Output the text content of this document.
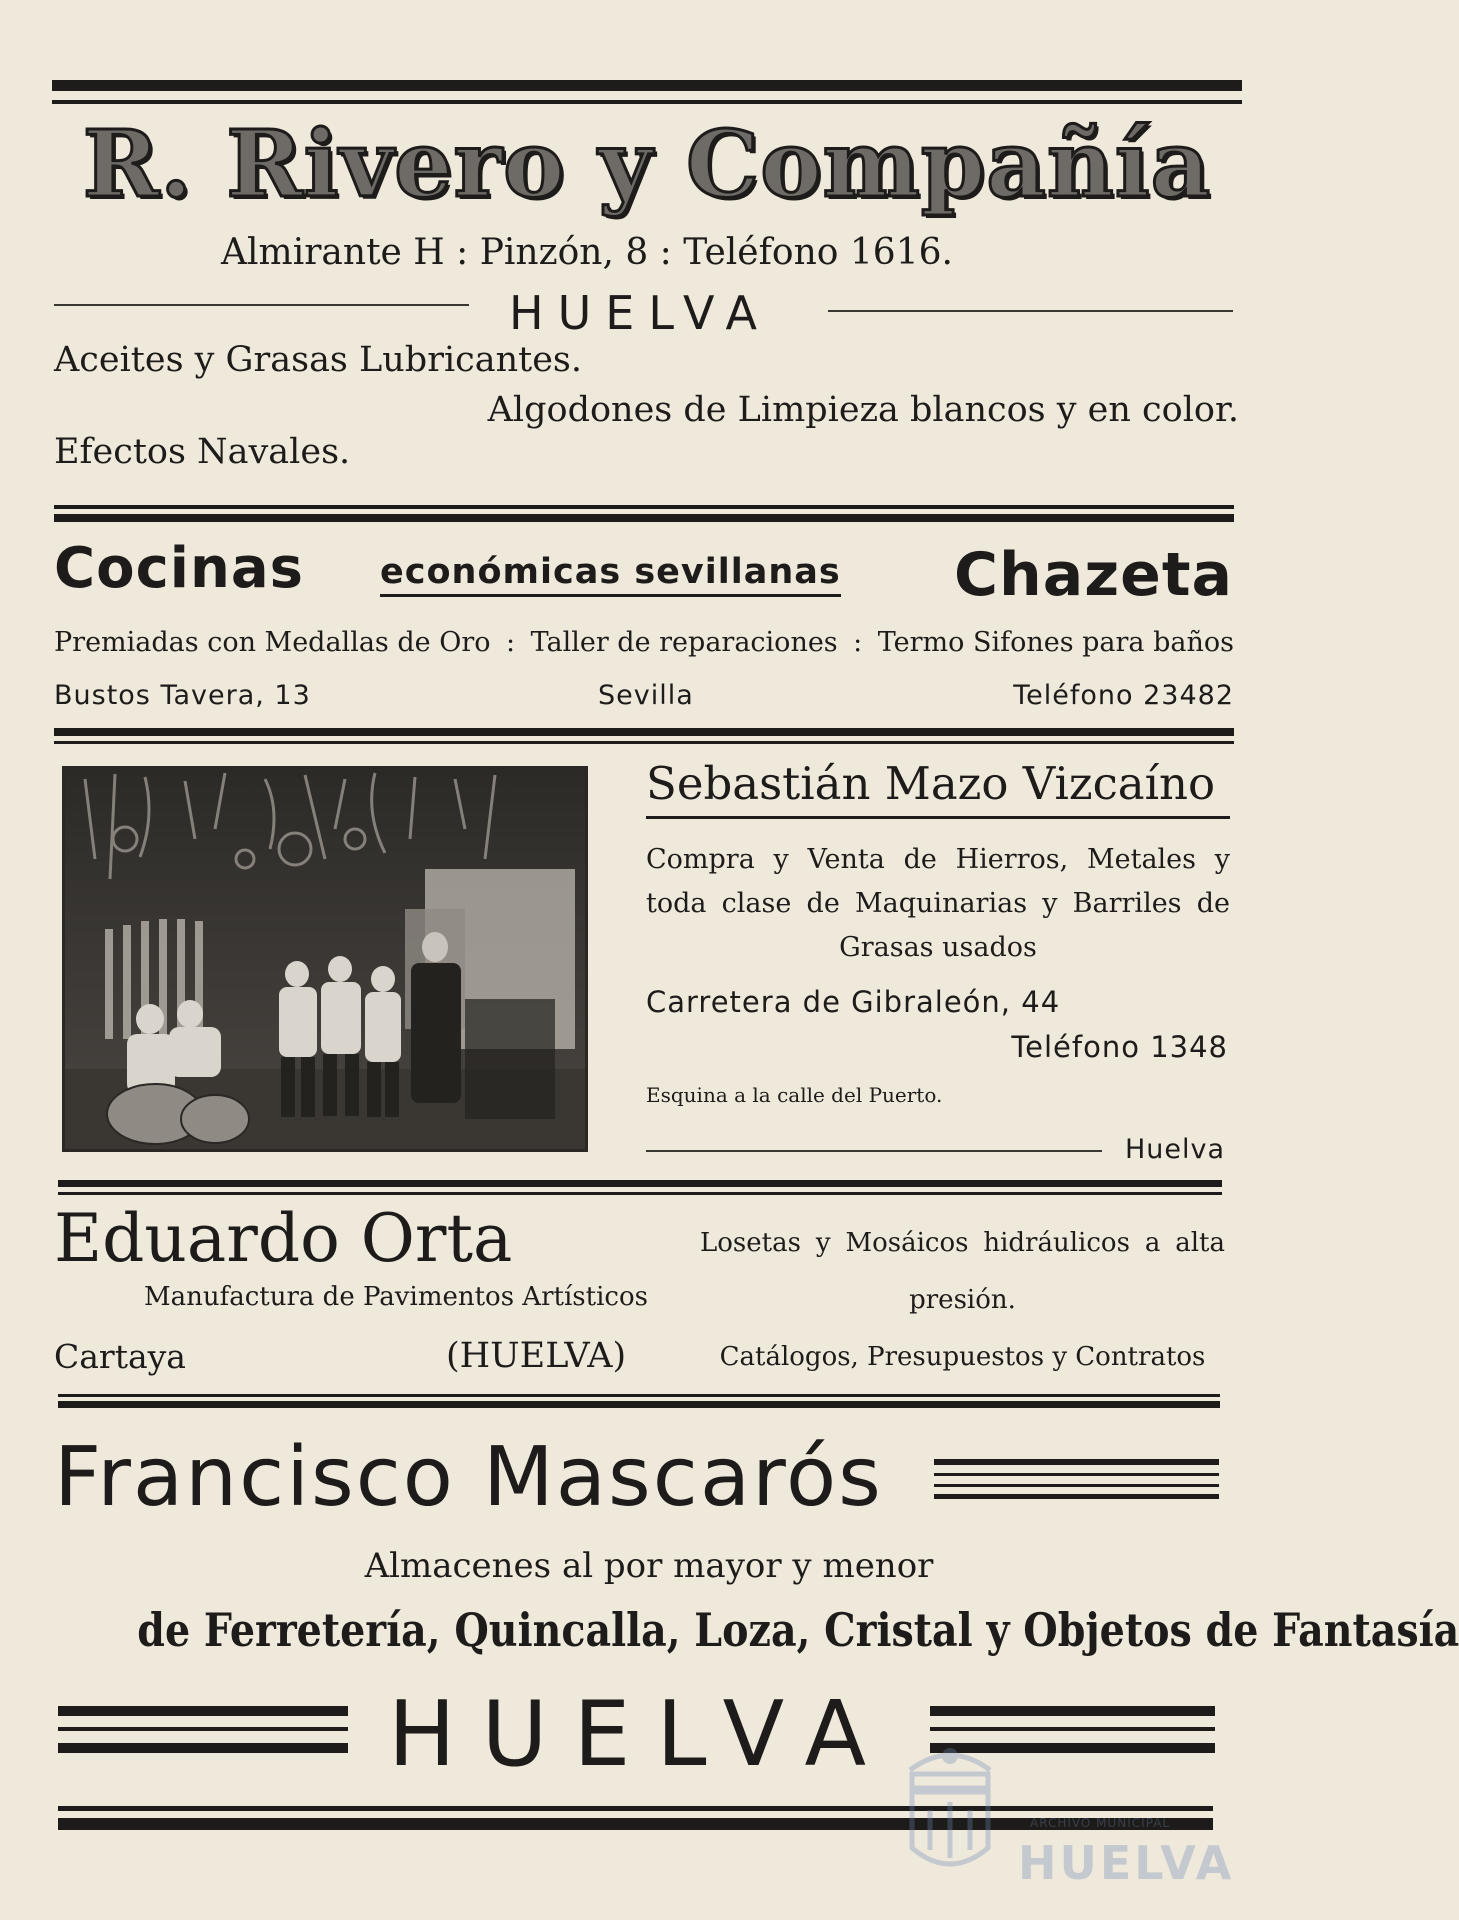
R. Rivero y Compañía
Almirante H : Pinzón, 8 : Teléfono 1616.
HUELVA
Aceites y Grasas Lubricantes.
Algodones de Limpieza blancos y en color.
Efectos Navales.
Cocinas económicas sevillanas Chazeta
Premiadas con Medallas de Oro : Taller de reparaciones : Termo Sifones para baños
Bustos Tavera, 13	Sevilla	Teléfono 23482
Sebastián Mazo Vizcaíno
Compra y Venta de Hierros, Metales y toda clase de Maquinarias y Barriles de Grasas usados
Carretera de Gibraleón, 44
Teléfono 1348
Esquina a la calle del Puerto.
Huelva
Eduardo Orta
Manufactura de Pavimentos Artísticos
Cartaya	(HUELVA)
Losetas y Mosáicos hidráulicos a alta presión.
Catálogos, Presupuestos y Contratos
Francisco Mascarós
Almacenes al por mayor y menor
de Ferretería, Quincalla, Loza, Cristal y Objetos de Fantasía
HUELVA
ARCHIVO MUNICIPAL
HUELVA
